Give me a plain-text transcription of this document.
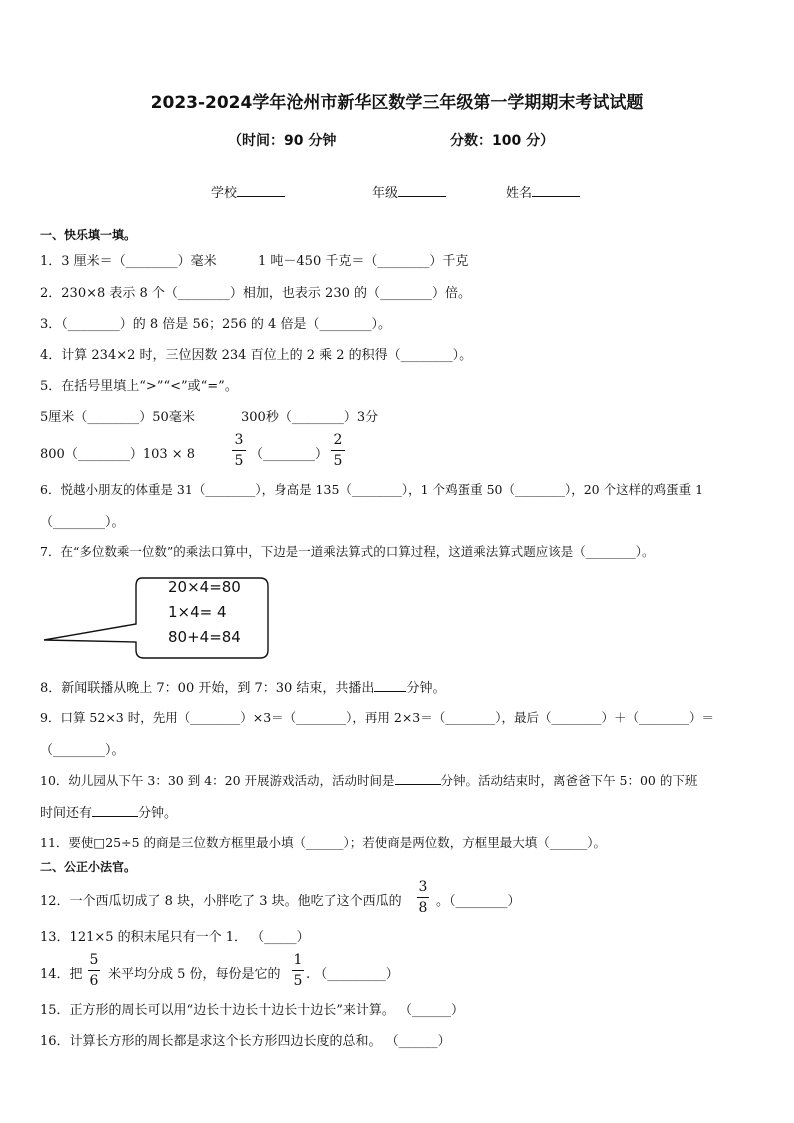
2023-2024学年沧州市新华区数学三年级第一学期期末考试试题
（时间：90 分钟	分数：100 分）
学校	年级	姓名
一、快乐填一填。
1．3 厘米＝（________）毫米	1 吨－450 千克＝（________）千克
2．230×8 表示 8 个（________）相加，也表示 230 的（________）倍。
3．（________）的 8 倍是 56；256 的 4 倍是（________）。
4．计算 234×2 时，三位因数 234 百位上的 2 乘 2 的积得（________）。
5．在括号里填上“>”“<”或“=”。
5厘米（________）50毫米	300秒（________）3分
800（________）103 × 8
3
5 （________）
2
5
6．悦越小朋友的体重是 31（________），身高是 135（________），1 个鸡蛋重 50（________），20 个这样的鸡蛋重 1
（________）。
7．在“多位数乘一位数”的乘法口算中，下边是一道乘法算式的口算过程，这道乘法算式题应该是（________）。
20×4=80
1×4= 4
80+4=84
8．新闻联播从晚上 7：00 开始，到 7：30 结束，共播出 分钟。
9．口算 52×3 时，先用（________）×3＝（________），再用 2×3＝（________），最后（________）＋（________）＝
（________）。
10．幼儿园从下午 3：30 到 4：20 开展游戏活动，活动时间是	分钟。活动结束时，离爸爸下午 5：00 的下班
时间还有	分钟。
11．要使□25÷5 的商是三位数方框里最小填（______）；若使商是两位数，方框里最大填（______）。
二、公正小法官。
12．一个西瓜切成了 8 块，小胖吃了 3 块。他吃了这个西瓜的
3
8 。（________）
13．121×5 的积末尾只有一个 1． （_____）
14．把
5
6 米平均分成 5 份，每份是它的
1
5 . （_________）
15．正方形的周长可以用“边长十边长十边长十边长”来计算。 （______）
16．计算长方形的周长都是求这个长方形四边长度的总和。 （______）
